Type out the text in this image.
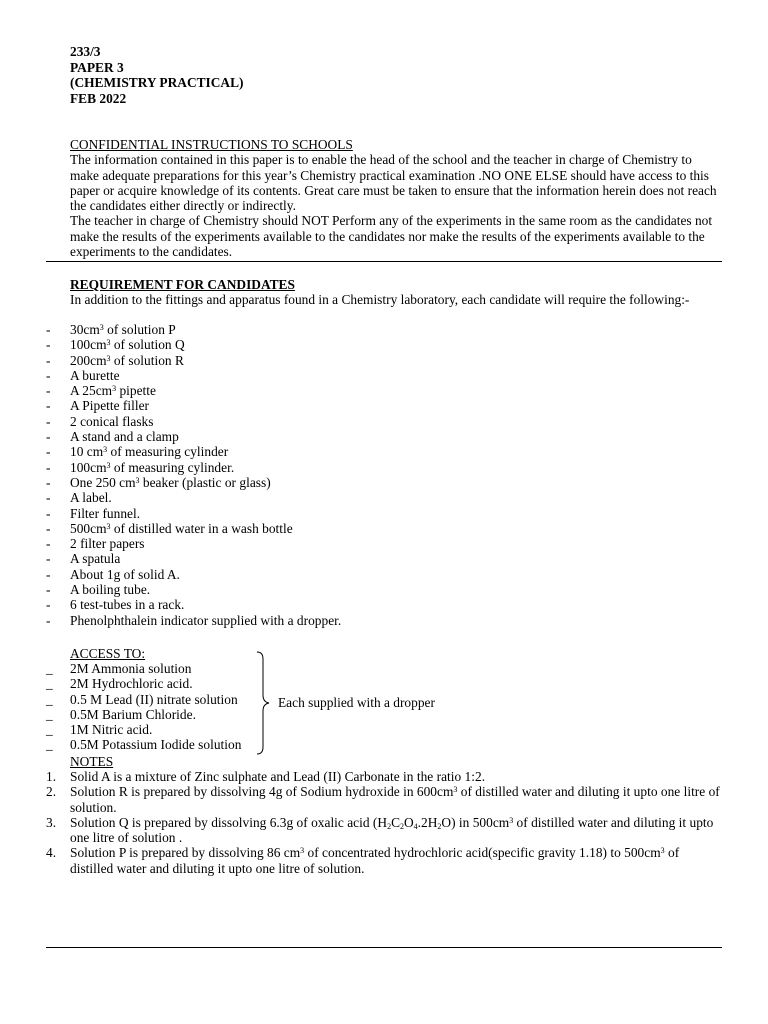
233/3
PAPER 3
(CHEMISTRY PRACTICAL)
FEB 2022
CONFIDENTIAL INSTRUCTIONS TO SCHOOLS
The information contained in this paper is to enable the head of the school and the teacher in charge of Chemistry to make adequate preparations for this year’s Chemistry practical examination .NO ONE ELSE should have access to this paper or acquire knowledge of its contents. Great care must be taken to ensure that the information herein does not reach the candidates either directly or indirectly.
The teacher in charge of Chemistry should NOT Perform any of the experiments in the same room as the candidates not make the results of the experiments available to the candidates nor make the results of the experiments available to the experiments to the candidates.
REQUIREMENT FOR CANDIDATES
In addition to the fittings and apparatus found in a Chemistry laboratory, each candidate will require the following:-
-	$30cm^3$ of solution P
-	$100cm^3$ of solution Q
-	$200cm^3$ of solution R
-	A burette
-	A $25cm^3$ pipette
-	A Pipette filler
-	2 conical flasks
-	A stand and a clamp
-	10 $cm^3$ of measuring cylinder
-	$100cm^3$ of measuring cylinder.
-	One 250 $cm^3$ beaker (plastic or glass)
-	A label.
-	Filter funnel.
-	$500cm^3$ of distilled water in a wash bottle
-	2 filter papers
-	A spatula
-	About 1g of solid A.
-	A boiling tube.
-	6 test-tubes in a rack.
-	Phenolphthalein indicator supplied with a dropper.
ACCESS TO:
_	2M Ammonia solution
_	2M Hydrochloric acid.
_	0.5 M Lead (II) nitrate solution
_	0.5M Barium Chloride.
_	1M Nitric acid.
_	0.5M Potassium Iodide solution
Each supplied with a dropper
NOTES
1. Solid A is a mixture of Zinc sulphate and Lead (II) Carbonate in the ratio 1:2.
2. Solution R is prepared by dissolving 4g of Sodium hydroxide in $600cm^3$ of distilled water and diluting it upto one litre of solution.
3. Solution Q is prepared by dissolving 6.3g of oxalic acid $(H_2C_2O_4.2H_2O)$ in $500cm^3$ of distilled water and diluting it upto one litre of solution .
4. Solution P is prepared by dissolving 86 $cm^3$ of concentrated hydrochloric acid(specific gravity 1.18) to $500cm^3$ of distilled water and diluting it upto one litre of solution.
